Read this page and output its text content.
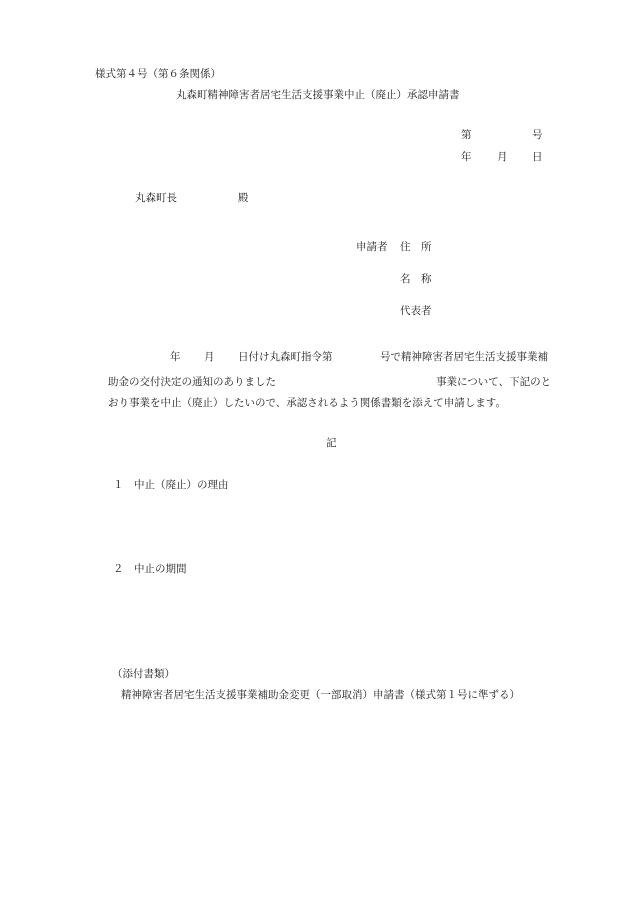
様式第４号（第６条関係）
丸森町精神障害者居宅生活支援事業中止（廃止）承認申請書
第	号
年 月 日
丸森町長	殿
申請者 住　所
名　称
代表者
年 月 日付け丸森町指令第	号で精神障害者居宅生活支援事業補
助金の交付決定の通知のありました	事業について、下記のと
おり事業を中止（廃止）したいので、承認されるよう関係書類を添えて申請します。
記
１ 中止（廃止）の理由
２ 中止の期間
（添付書類）
精神障害者居宅生活支援事業補助金変更（一部取消）申請書（様式第１号に準ずる）
